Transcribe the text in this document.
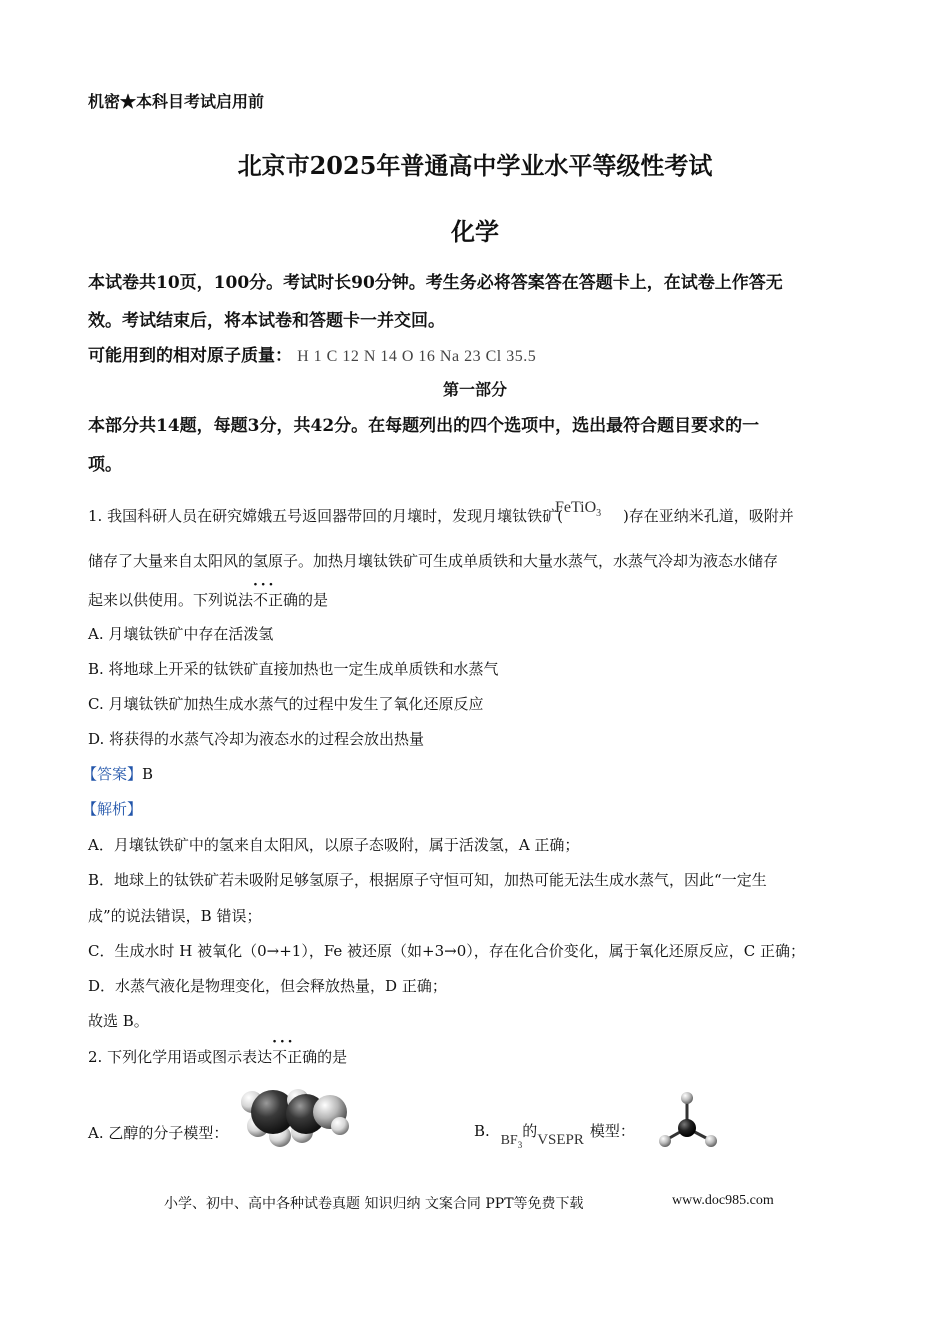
机密★本科目考试启用前
北京市2025年普通高中学业水平等级性考试
化学
本试卷共10页，100分。考试时长90分钟。考生务必将答案答在答题卡上，在试卷上作答无
效。考试结束后，将本试卷和答题卡一并交回。
可能用到的相对原子质量： H 1 C 12 N 14 O 16 Na 23 Cl 35.5
第一部分
本部分共14题，每题3分，共42分。在每题列出的四个选项中，选出最符合题目要求的一
项。
1. 我国科研人员在研究嫦娥五号返回器带回的月壤时，发现月壤钛铁矿(
FeTiO$_3$ )存在亚纳米孔道，吸附并
储存了大量来自太阳风的氢原子。加热月壤钛铁矿可生成单质铁和大量水蒸气，水蒸气冷却为液态水储存
起来以供使用。下列说法· · · 不正确的是
A. 月壤钛铁矿中存在活泼氢
B. 将地球上开采的钛铁矿直接加热也一定生成单质铁和水蒸气
C. 月壤钛铁矿加热生成水蒸气的过程中发生了氧化还原反应
D. 将获得的水蒸气冷却为液态水的过程会放出热量
【答案】B
【解析】
A．月壤钛铁矿中的氢来自太阳风，以原子态吸附，属于活泼氢，A 正确；
B．地球上的钛铁矿若未吸附足够氢原子，根据原子守恒可知，加热可能无法生成水蒸气，因此“一定生
成”的说法错误，B 错误；
C．生成水时 H 被氧化（0→+1），Fe 被还原（如+3→0），存在化合价变化，属于氧化还原反应，C 正确；
D．水蒸气液化是物理变化，但会释放热量，D 正确；
故选 B。
2. 下列化学用语或图示表达· · · 不正确的是
A. 乙醇的分子模型：	B. $BF_3$的VSEPR 模型：
小学、初中、高中各种试卷真题 知识归纳 文案合同 PPT等免费下载	www.doc985.com
